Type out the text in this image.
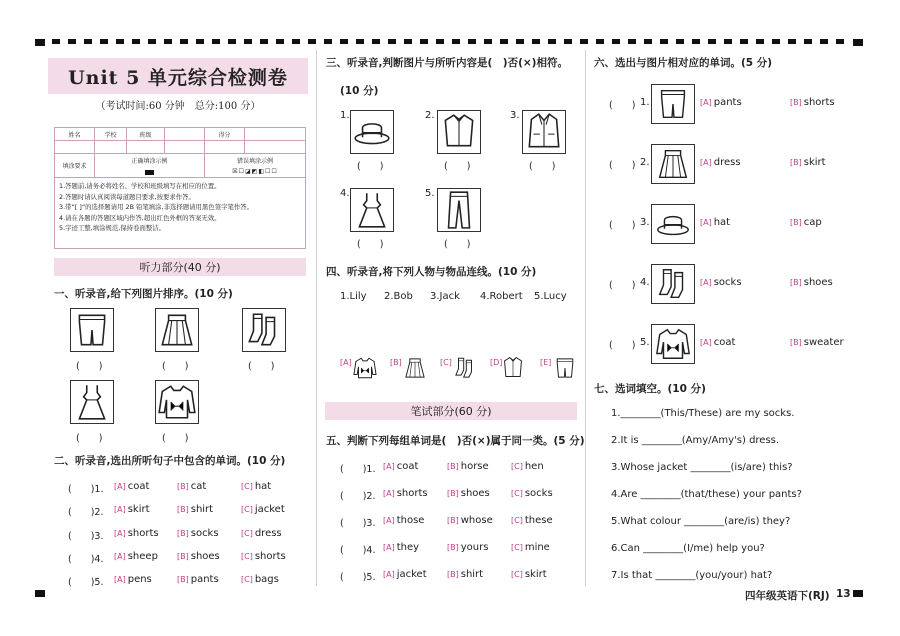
Unit 5 单元综合检测卷
（考试时间:60 分钟　总分:100 分）
姓名	学校	班级	得分
填涂要求
正确填涂示例	错误填涂示例
☒☐◪◩◧☐☐
1.答题前,请务必将姓名、学校和班级填写在相应的位置。
2.答题时请认真阅读每道题目要求,按要求作答。
3.带“[ ]”的选择题请用 2B 铅笔填涂,非选择题请用黑色签字笔作答。
4.请在各题的答题区域内作答,超出红色外框的答案无效。
5.字迹工整,填涂规范,保持卷面整洁。
听力部分(40 分)
一、听录音,给下列图片排序。(10 分)
(　　)	(　　)	(　　)
(　　)	(　　)
二、听录音,选出所听句子中包含的单词。(10 分)
三、听录音,判断图片与所听内容是(　)否(×)相符。
(10 分)
1.	2.	3.
(　　)	(　　)	(　　)
4.	5.
(　　)	(　　)
四、听录音,将下列人物与物品连线。(10 分)
1.Lily 2.Bob 3.Jack 4.Robert 5.Lucy
[A]	[B]	[C]	[D]	[E]
笔试部分(60 分)
五、判断下列每组单词是(　)否(×)属于同一类。(5 分)
六、选出与图片相对应的单词。(5 分)
七、选词填空。(10 分)
四年级英语下(RJ) 13
(　　)1. [A] coat	[B] cat	[C] hat
(　　)2. [A] skirt	[B] shirt	[C] jacket
(　　)3. [A] shorts [B] socks	[C] dress
(　　)4. [A] sheep [B] shoes	[C] shorts
(　　)5. [A] pens	[B] pants	[C] bags
(　　)1. [A] coat	[B] horse	[C] hen
(　　)2. [A] shorts [B] shoes	[C] socks
(　　)3. [A] those	[B] whose [C] these
(　　)4. [A] they	[B] yours	[C] mine
(　　)5. [A] jacket	[B] shirt	[C] skirt
(　　) 1.	[A] pants	[B] shorts
(　　) 2.	[A] dress	[B] skirt
(　　) 3.	[A] hat	[B] cap
(　　) 4.	[A] socks	[B] shoes
(　　) 5.	[A] coat	[B] sweater
1.________(This/These) are my socks.
2.It is ________(Amy/Amy's) dress.
3.Whose jacket ________(is/are) this?
4.Are ________(that/these) your pants?
5.What colour ________(are/is) they?
6.Can ________(I/me) help you?
7.Is that ________(you/your) hat?
